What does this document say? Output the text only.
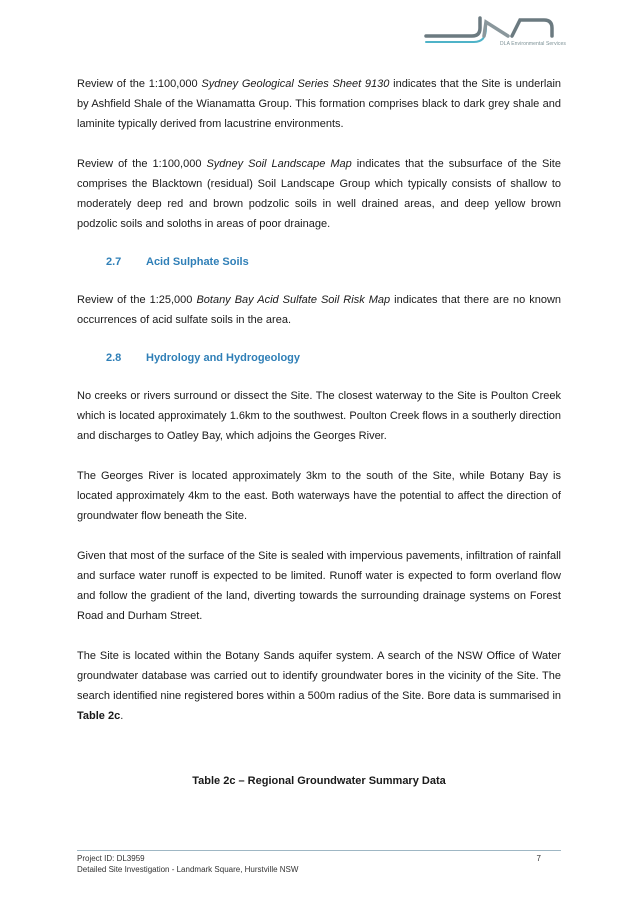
DLA Environmental Services

Review of the 1:100,000 Sydney Geological Series Sheet 9130 indicates that the Site is underlain by Ashfield Shale of the Wianamatta Group. This formation comprises black to dark grey shale and laminite typically derived from lacustrine environments.

Review of the 1:100,000 Sydney Soil Landscape Map indicates that the subsurface of the Site comprises the Blacktown (residual) Soil Landscape Group which typically consists of shallow to moderately deep red and brown podzolic soils in well drained areas, and deep yellow brown podzolic soils and soloths in areas of poor drainage.

2.7	Acid Sulphate Soils

Review of the 1:25,000 Botany Bay Acid Sulfate Soil Risk Map indicates that there are no known occurrences of acid sulfate soils in the area.

2.8	Hydrology and Hydrogeology

No creeks or rivers surround or dissect the Site. The closest waterway to the Site is Poulton Creek which is located approximately 1.6km to the southwest. Poulton Creek flows in a southerly direction and discharges to Oatley Bay, which adjoins the Georges River.

The Georges River is located approximately 3km to the south of the Site, while Botany Bay is located approximately 4km to the east. Both waterways have the potential to affect the direction of groundwater flow beneath the Site.

Given that most of the surface of the Site is sealed with impervious pavements, infiltration of rainfall and surface water runoff is expected to be limited. Runoff water is expected to form overland flow and follow the gradient of the land, diverting towards the surrounding drainage systems on Forest Road and Durham Street.

The Site is located within the Botany Sands aquifer system. A search of the NSW Office of Water groundwater database was carried out to identify groundwater bores in the vicinity of the Site. The search identified nine registered bores within a 500m radius of the Site. Bore data is summarised in Table 2c.

Table 2c – Regional Groundwater Summary Data
Project ID: DL3959
Detailed Site Investigation - Landmark Square, Hurstville NSW
7
